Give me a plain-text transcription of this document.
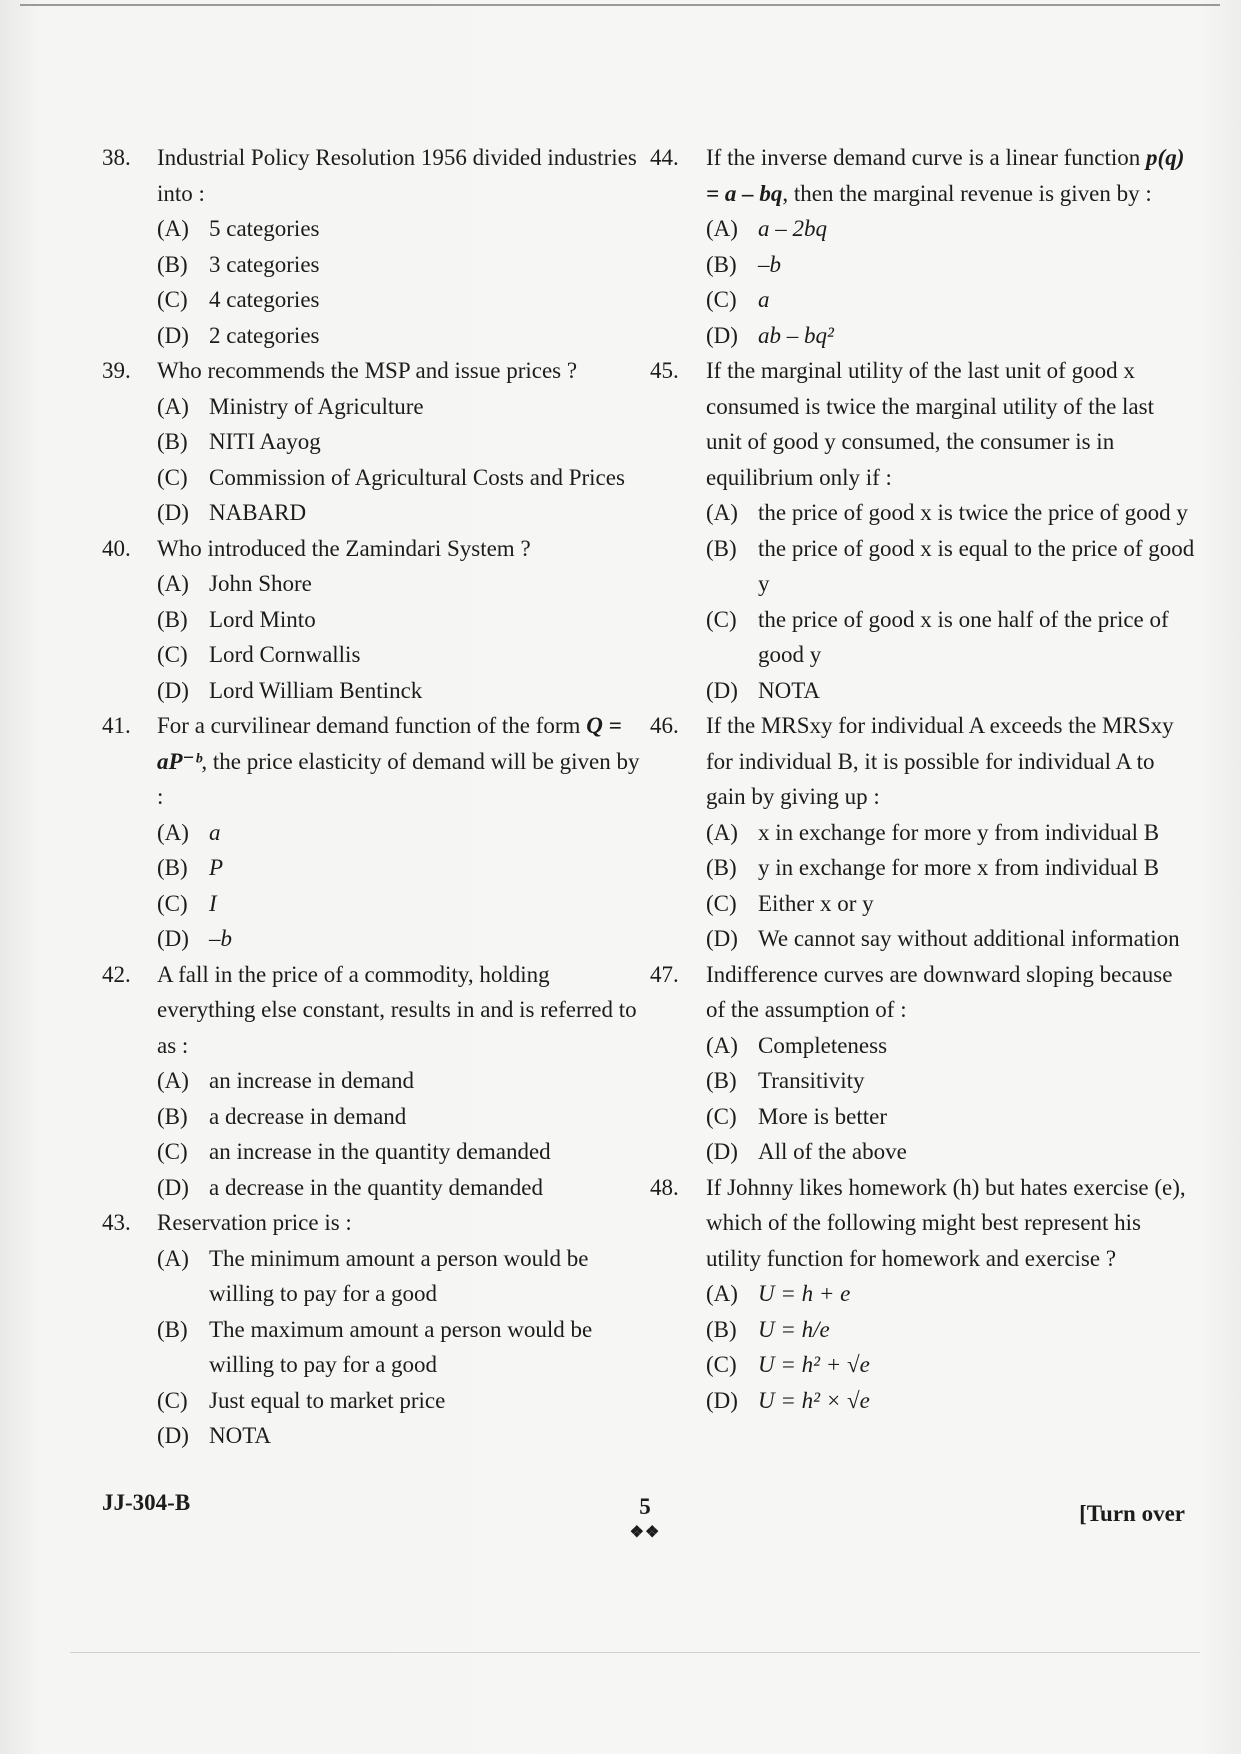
38. Industrial Policy Resolution 1956 divided industries into :
(A) 5 categories
(B) 3 categories
(C) 4 categories
(D) 2 categories
39. Who recommends the MSP and issue prices ?
(A) Ministry of Agriculture
(B) NITI Aayog
(C) Commission of Agricultural Costs and Prices
(D) NABARD
40. Who introduced the Zamindari System ?
(A) John Shore
(B) Lord Minto
(C) Lord Cornwallis
(D) Lord William Bentinck
41. For a curvilinear demand function of the form Q = aP⁻ᵇ, the price elasticity of demand will be given by :
(A) a
(B) P
(C) I
(D) –b
42. A fall in the price of a commodity, holding everything else constant, results in and is referred to as :
(A) an increase in demand
(B) a decrease in demand
(C) an increase in the quantity demanded
(D) a decrease in the quantity demanded
43. Reservation price is :
(A) The minimum amount a person would be willing to pay for a good
(B) The maximum amount a person would be willing to pay for a good
(C) Just equal to market price
(D) NOTA
44. If the inverse demand curve is a linear function p(q) = a – bq, then the marginal revenue is given by :
(A) a – 2bq
(B) –b
(C) a
(D) ab – bq²
45. If the marginal utility of the last unit of good x consumed is twice the marginal utility of the last unit of good y consumed, the consumer is in equilibrium only if :
(A) the price of good x is twice the price of good y
(B) the price of good x is equal to the price of good y
(C) the price of good x is one half of the price of good y
(D) NOTA
46. If the MRSxy for individual A exceeds the MRSxy for individual B, it is possible for individual A to gain by giving up :
(A) x in exchange for more y from individual B
(B) y in exchange for more x from individual B
(C) Either x or y
(D) We cannot say without additional information
47. Indifference curves are downward sloping because of the assumption of :
(A) Completeness
(B) Transitivity
(C) More is better
(D) All of the above
48. If Johnny likes homework (h) but hates exercise (e), which of the following might best represent his utility function for homework and exercise ?
(A) U = h + e
(B) U = h/e
(C) U = h² + √e
(D) U = h² × √e
JJ-304-B	5
❖❖
[Turn over
